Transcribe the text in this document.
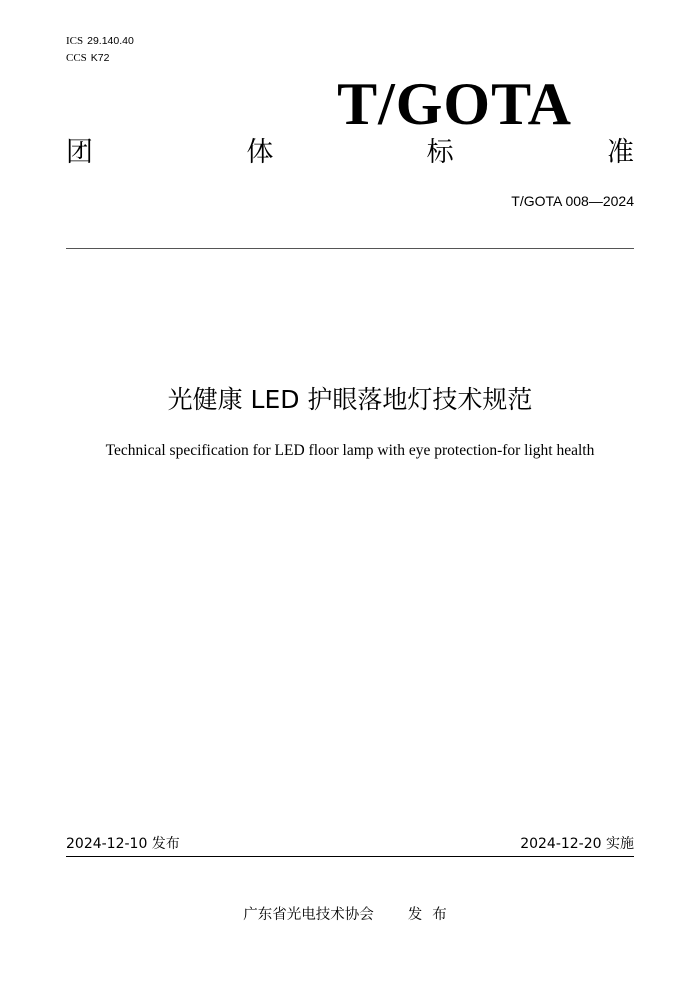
ICS 29.140.40
CCS K72
T/GOTA
团	体	标	准
T/GOTA 008—2024
光健康 LED 护眼落地灯技术规范
Technical specification for LED floor lamp with eye protection-for light health
2024-12-10 发布	2024-12-20 实施
广东省光电技术协会 发布
